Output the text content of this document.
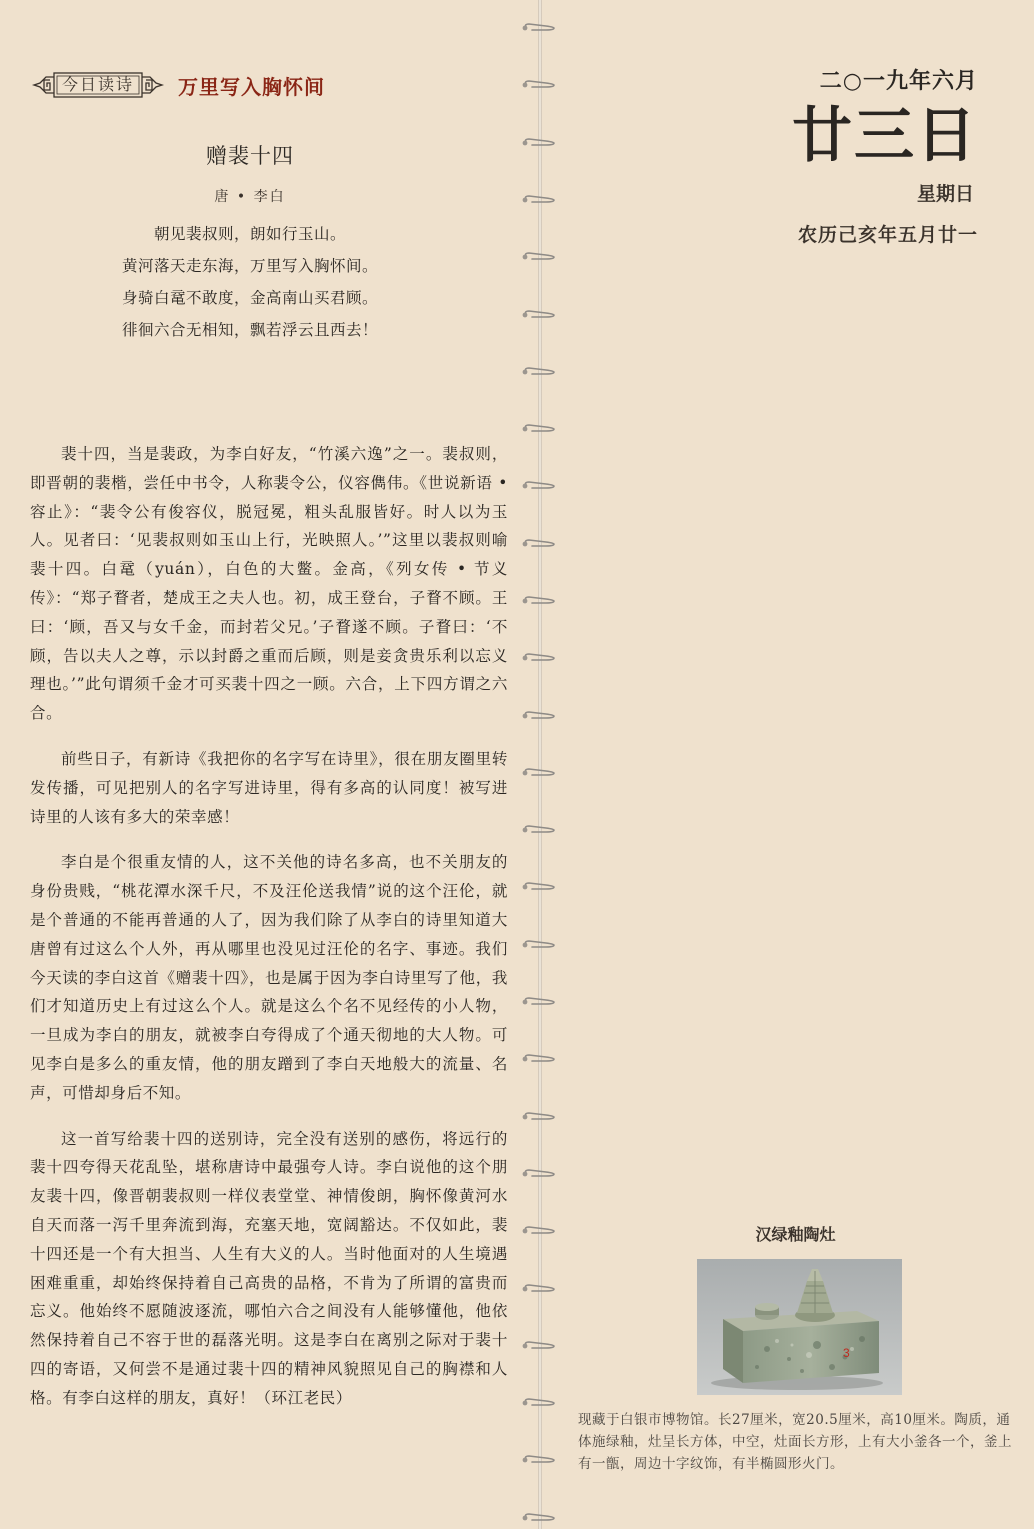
今日读诗	万里写入胸怀间
赠裴十四
唐 • 李白
朝见裴叔则，朗如行玉山。
黄河落天走东海，万里写入胸怀间。
身骑白鼋不敢度，金高南山买君顾。
徘徊六合无相知，飘若浮云且西去！

裴十四，当是裴政，为李白好友，“竹溪六逸”之一。裴叔则，即晋朝的裴楷，尝任中书令，人称裴令公，仪容儁伟。《世说新语 • 容止》：“裴令公有俊容仪，脱冠冕，粗头乱服皆好。时人以为玉人。见者曰：‘见裴叔则如玉山上行，光映照人。’”这里以裴叔则喻裴十四。白鼋（yuán），白色的大鳖。金高，《列女传 • 节义传》：“郑子瞀者，楚成王之夫人也。初，成王登台，子瞀不顾。王曰：‘顾，吾又与女千金，而封若父兄。’子瞀遂不顾。子瞀曰：‘不顾，告以夫人之尊，示以封爵之重而后顾，则是妾贪贵乐利以忘义理也。’”此句谓须千金才可买裴十四之一顾。六合，上下四方谓之六合。

前些日子，有新诗《我把你的名字写在诗里》，很在朋友圈里转发传播，可见把别人的名字写进诗里，得有多高的认同度！被写进诗里的人该有多大的荣幸感！

李白是个很重友情的人，这不关他的诗名多高，也不关朋友的身份贵贱，“桃花潭水深千尺，不及汪伦送我情”说的这个汪伦，就是个普通的不能再普通的人了，因为我们除了从李白的诗里知道大唐曾有过这么个人外，再从哪里也没见过汪伦的名字、事迹。我们今天读的李白这首《赠裴十四》，也是属于因为李白诗里写了他，我们才知道历史上有过这么个人。就是这么个名不见经传的小人物，一旦成为李白的朋友，就被李白夸得成了个通天彻地的大人物。可见李白是多么的重友情，他的朋友蹭到了李白天地般大的流量、名声，可惜却身后不知。

这一首写给裴十四的送别诗，完全没有送别的感伤，将远行的裴十四夸得天花乱坠，堪称唐诗中最强夸人诗。李白说他的这个朋友裴十四，像晋朝裴叔则一样仪表堂堂、神情俊朗，胸怀像黄河水自天而落一泻千里奔流到海，充塞天地，宽阔豁达。不仅如此，裴十四还是一个有大担当、人生有大义的人。当时他面对的人生境遇困难重重，却始终保持着自己高贵的品格，不肯为了所谓的富贵而忘义。他始终不愿随波逐流，哪怕六合之间没有人能够懂他，他依然保持着自己不容于世的磊落光明。这是李白在离别之际对于裴十四的寄语，又何尝不是通过裴十四的精神风貌照见自己的胸襟和人格。有李白这样的朋友，真好！（环江老民）

二○一九年六月
廿三日
星期日
农历己亥年五月廿一
汉绿釉陶灶
3
现藏于白银市博物馆。长27厘米，宽20.5厘米，高10厘米。陶质，通体施绿釉，灶呈长方体，中空，灶面长方形，上有大小釜各一个，釜上有一甑，周边十字纹饰，有半椭圆形火门。
